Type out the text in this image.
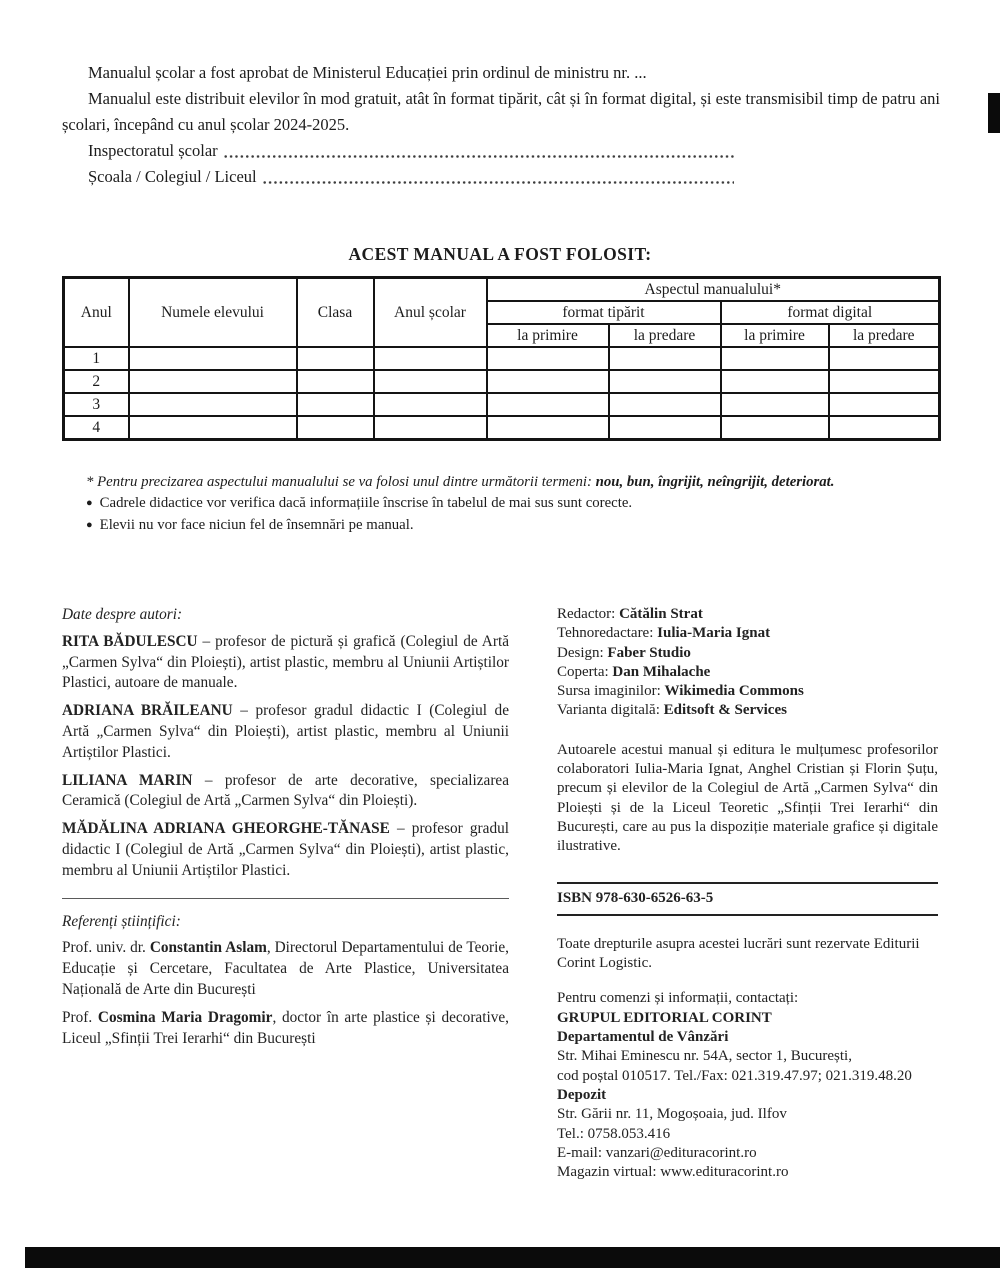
Manualul școlar a fost aprobat de Ministerul Educației prin ordinul de ministru nr. ...

Manualul este distribuit elevilor în mod gratuit, atât în format tipărit, cât și în format digital, și este transmisibil timp de patru ani școlari, începând cu anul școlar 2024-2025.

Inspectoratul școlar
Școala / Colegiul / Liceul
ACEST MANUAL A FOST FOLOSIT:
Anul	Numele elevului	Clasa	Anul școlar	Aspectul manualului*			
				format tipărit		format digital	
				la primire	la predare	la primire	la predare
1							
2							
3							
4							
* Pentru precizarea aspectului manualului se va folosi unul dintre următorii termeni: nou, bun, îngrijit, neîngrijit, deteriorat.
● Cadrele didactice vor verifica dacă informațiile înscrise în tabelul de mai sus sunt corecte.
● Elevii nu vor face niciun fel de însemnări pe manual.
Date despre autori:

RITA BĂDULESCU – profesor de pictură și grafică (Colegiul de Artă „Carmen Sylva“ din Ploiești), artist plastic, membru al Uniunii Artiștilor Plastici, autoare de manuale.

ADRIANA BRĂILEANU – profesor gradul didactic I (Colegiul de Artă „Carmen Sylva“ din Ploiești), artist plastic, membru al Uniunii Artiștilor Plastici.

LILIANA MARIN – profesor de arte decorative, specializarea Ceramică (Colegiul de Artă „Carmen Sylva“ din Ploiești).

MĂDĂLINA ADRIANA GHEORGHE-TĂNASE – profesor gradul didactic I (Colegiul de Artă „Carmen Sylva“ din Ploiești), artist plastic, membru al Uniunii Artiștilor Plastici.

Referenți științifici:

Prof. univ. dr. Constantin Aslam, Directorul Departamentului de Teorie, Educație și Cercetare, Facultatea de Arte Plastice, Universitatea Națională de Arte din București

Prof. Cosmina Maria Dragomir, doctor în arte plastice și decorative, Liceul „Sfinții Trei Ierarhi“ din București

Redactor: Cătălin Strat
Tehnoredactare: Iulia-Maria Ignat
Design: Faber Studio
Coperta: Dan Mihalache
Sursa imaginilor: Wikimedia Commons
Varianta digitală: Editsoft & Services
Autoarele acestui manual și editura le mulțumesc profesorilor colaboratori Iulia-Maria Ignat, Anghel Cristian și Florin Șuțu, precum și elevilor de la Colegiul de Artă „Carmen Sylva“ din Ploiești și de la Liceul Teoretic „Sfinții Trei Ierarhi“ din București, care au pus la dispoziție materiale grafice și digitale ilustrative.
ISBN 978-630-6526-63-5
Toate drepturile asupra acestei lucrări sunt rezervate Editurii Corint Logistic.
Pentru comenzi și informații, contactați:
GRUPUL EDITORIAL CORINT
Departamentul de Vânzări
Str. Mihai Eminescu nr. 54A, sector 1, București,
cod poștal 010517. Tel./Fax: 021.319.47.97; 021.319.48.20
Depozit
Str. Gării nr. 11, Mogoșoaia, jud. Ilfov
Tel.: 0758.053.416
E-mail: vanzari@edituracorint.ro
Magazin virtual: www.edituracorint.ro
